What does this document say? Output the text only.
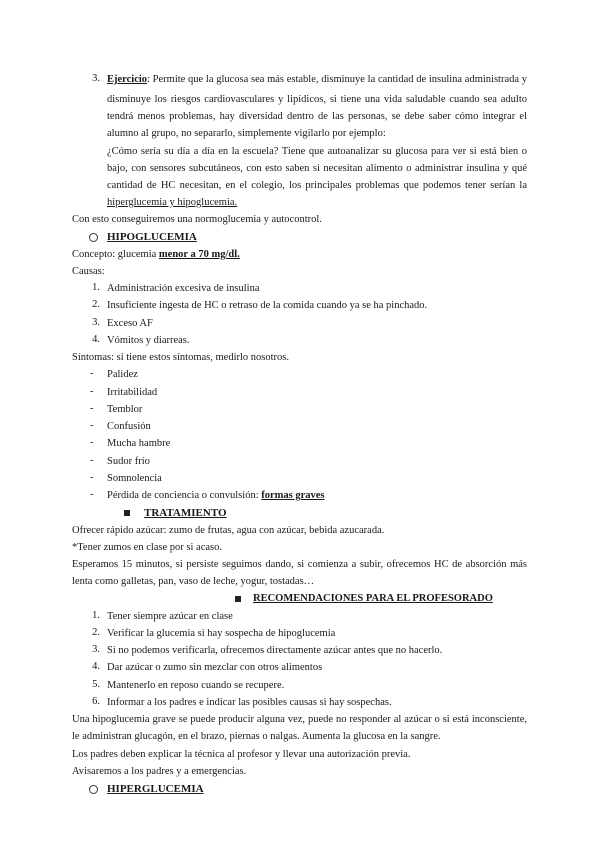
3. Ejercicio: Permite que la glucosa sea más estable, disminuye la cantidad de insulina administrada y
disminuye los riesgos cardiovasculares y lipídicos, si tiene una vida saludable cuando sea adulto
tendrá menos problemas, hay diversidad dentro de las personas, se debe saber cómo integrar el
alumno al grupo, no separarlo, simplemente vigilarlo por ejemplo:
¿Cómo sería su día a día en la escuela? Tiene que autoanalizar su glucosa para ver si está bien o
bajo, con sensores subcutáneos, con esto saben si necesitan alimento o administrar insulina y qué
cantidad de HC necesitan, en el colegio, los principales problemas que podemos tener serían la
hiperglucemia y hipoglucemia.
Con esto conseguiremos una normoglucemia y autocontrol.
HIPOGLUCEMIA
Concepto: glucemia menor a 70 mg/dl.
Causas:
1. Administración excesiva de insulina
2. Insuficiente ingesta de HC o retraso de la comida cuando ya se ha pinchado.
3. Exceso AF
4. Vómitos y diarreas.
Síntomas: si tiene estos síntomas, medirlo nosotros.
- Palidez
- Irritabilidad
- Temblor
- Confusión
- Mucha hambre
- Sudor frío
- Somnolencia
- Pérdida de conciencia o convulsión: formas graves
TRATAMIENTO
Ofrecer rápido azúcar: zumo de frutas, agua con azúcar, bebida azucarada.
*Tener zumos en clase por si acaso.
Esperamos 15 minutos, si persiste seguimos dando, si comienza a subir, ofrecemos HC de absorción más
lenta como galletas, pan, vaso de leche, yogur, tostadas…
RECOMENDACIONES PARA EL PROFESORADO
1. Tener siempre azúcar en clase
2. Verificar la glucemia si hay sospecha de hipoglucemia
3. Si no podemos verificarla, ofrecemos directamente azúcar antes que no hacerlo.
4. Dar azúcar o zumo sin mezclar con otros alimentos
5. Mantenerlo en reposo cuando se recupere.
6. Informar a los padres e indicar las posibles causas si hay sospechas.
Una hipoglucemia grave se puede producir alguna vez, puede no responder al azúcar o si está inconsciente,
le administran glucagón, en el brazo, piernas o nalgas. Aumenta la glucosa en la sangre.
Los padres deben explicar la técnica al profesor y llevar una autorización previa.
Avisaremos a los padres y a emergencias.
HIPERGLUCEMIA
